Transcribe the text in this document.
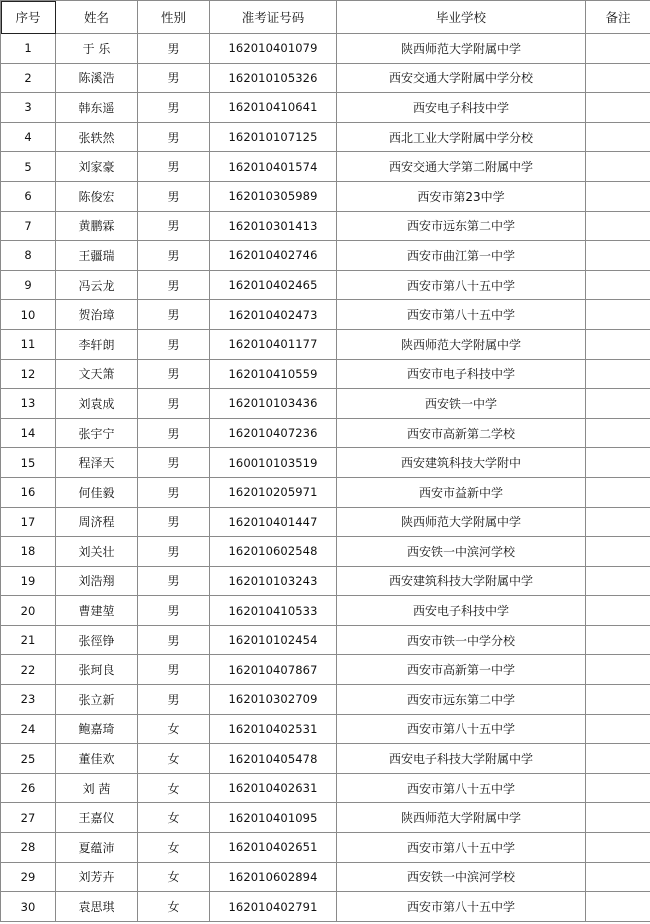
序号	姓名	性别	准考证号码	毕业学校	备注
1	于 乐	男	162010401079	陕西师范大学附属中学	
2	陈溪浩	男	162010105326	西安交通大学附属中学分校	
3	韩东遥	男	162010410641	西安电子科技中学	
4	张轶然	男	162010107125	西北工业大学附属中学分校	
5	刘家豪	男	162010401574	西安交通大学第二附属中学	
6	陈俊宏	男	162010305989	西安市第23中学	
7	黄鹏霖	男	162010301413	西安市远东第二中学	
8	王疆瑞	男	162010402746	西安市曲江第一中学	
9	冯云龙	男	162010402465	西安市第八十五中学	
10	贺治璋	男	162010402473	西安市第八十五中学	
11	李轩朗	男	162010401177	陕西师范大学附属中学	
12	文天箫	男	162010410559	西安市电子科技中学	
13	刘袁成	男	162010103436	西安铁一中学	
14	张宇宁	男	162010407236	西安市高新第二学校	
15	程泽天	男	160010103519	西安建筑科技大学附中	
16	何佳毅	男	162010205971	西安市益新中学	
17	周济程	男	162010401447	陕西师范大学附属中学	
18	刘关壮	男	162010602548	西安铁一中滨河学校	
19	刘浩翔	男	162010103243	西安建筑科技大学附属中学	
20	曹建堃	男	162010410533	西安电子科技中学	
21	张徑铮	男	162010102454	西安市铁一中学分校	
22	张珂良	男	162010407867	西安市高新第一中学	
23	张立新	男	162010302709	西安市远东第二中学	
24	鲍嘉琦	女	162010402531	西安市第八十五中学	
25	董佳欢	女	162010405478	西安电子科技大学附属中学	
26	刘 茜	女	162010402631	西安市第八十五中学	
27	王嘉仪	女	162010401095	陕西师范大学附属中学	
28	夏蕴沛	女	162010402651	西安市第八十五中学	
29	刘芳卉	女	162010602894	西安铁一中滨河学校	
30	袁思琪	女	162010402791	西安市第八十五中学	
